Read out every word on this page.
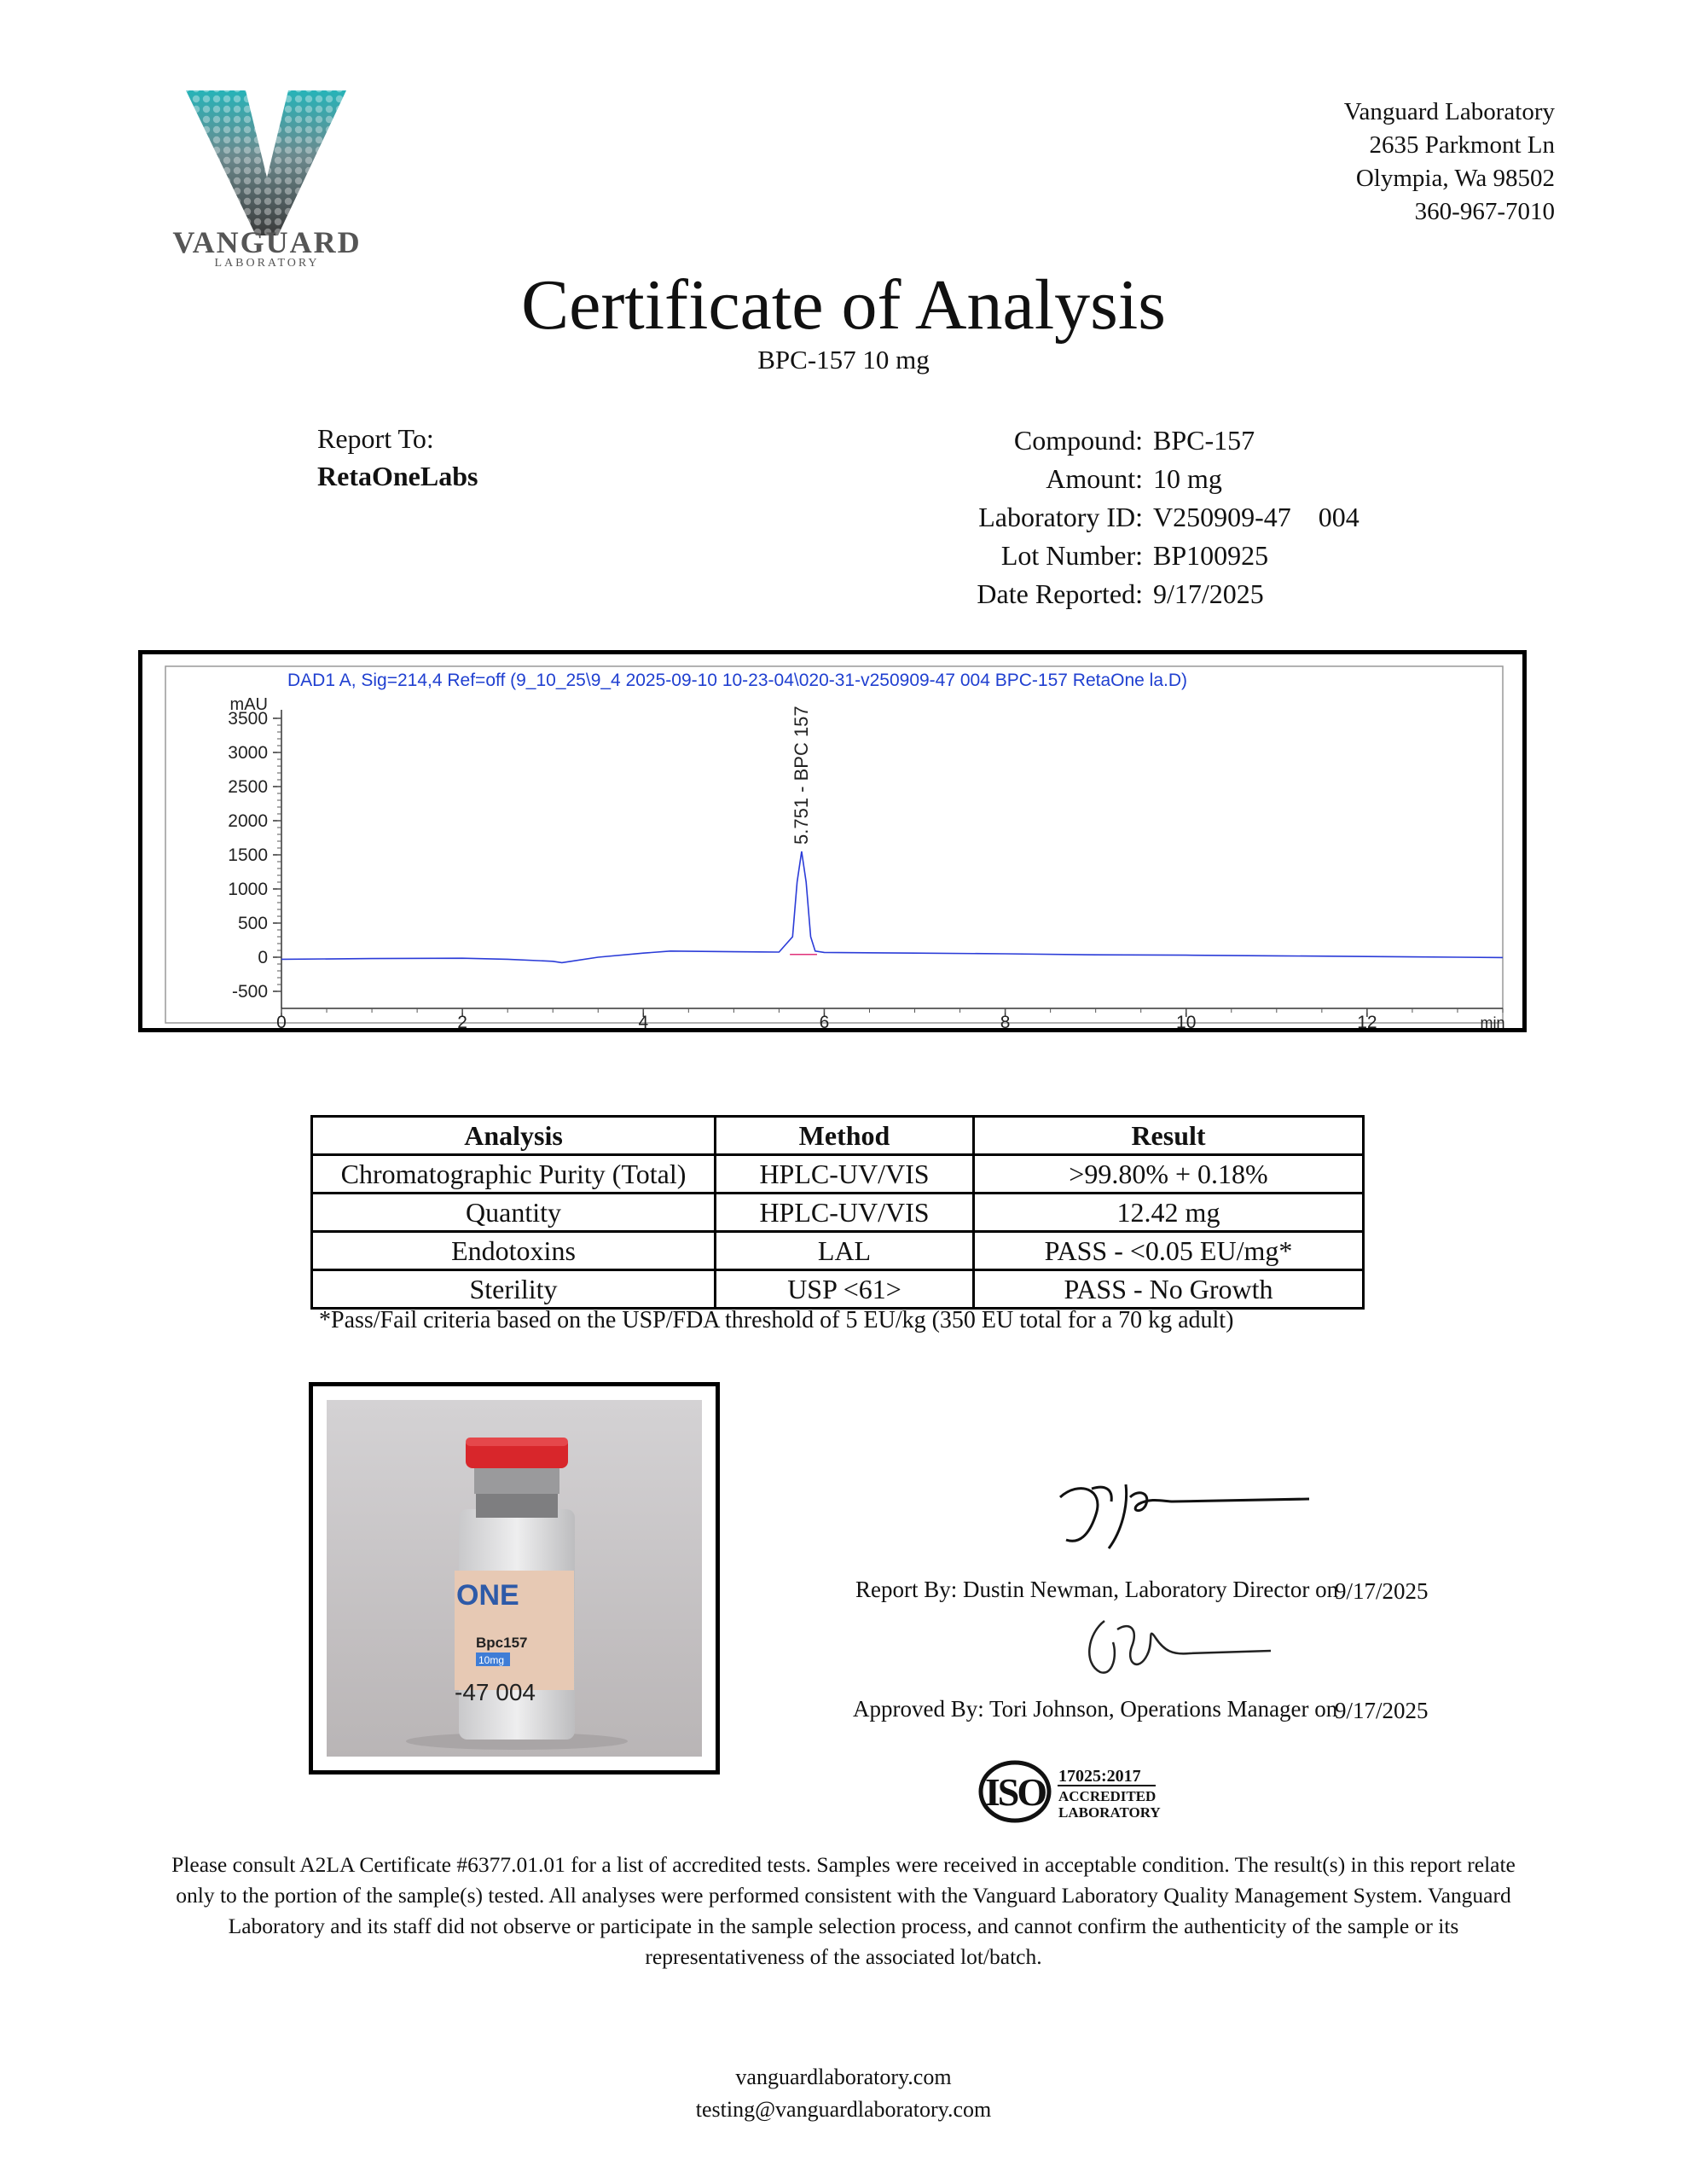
VANGUARD
LABORATORY
Vanguard Laboratory
2635 Parkmont Ln
Olympia, Wa 98502
360-967-7010
Certificate of Analysis
BPC-157 10 mg
Report To:
RetaOneLabs
Compound: BPC-157
Amount: 10 mg
Laboratory ID: V250909-47    004
Lot Number: BP100925
Date Reported: 9/17/2025
DAD1 A, Sig=214,4 Ref=off (9_10_25\9_4 2025-09-10 10-23-04\020-31-v250909-47 004 BPC-157 RetaOne la.D)
-500
0
500
1000
1500
2000
2500
3000
3500
mAU
0	2	4	6	8	10	12	min
5.751 - BPC 157
Analysis	Method	Result
Chromatographic Purity (Total)	HPLC-UV/VIS	>99.80% + 0.18%
Quantity	HPLC-UV/VIS	12.42 mg
Endotoxins	LAL	PASS - <0.05 EU/mg*
Sterility	USP <61>	PASS - No Growth
*Pass/Fail criteria based on the USP/FDA threshold of 5 EU/kg (350 EU total for a 70 kg adult)
ONE
Bpc157
10mg
-47 004
Report By: Dustin Newman, Laboratory Director on
9/17/2025
Approved By: Tori Johnson, Operations Manager on
9/17/2025
ISO 17025:2017
ACCREDITED
LABORATORY
Please consult A2LA Certificate #6377.01.01 for a list of accredited tests. Samples were received in acceptable condition. The result(s) in this report relate only to the portion of the sample(s) tested. All analyses were performed consistent with the Vanguard Laboratory Quality Management System. Vanguard Laboratory and its staff did not observe or participate in the sample selection process, and cannot confirm the authenticity of the sample or its representativeness of the associated lot/batch.
vanguardlaboratory.com
testing@vanguardlaboratory.com
